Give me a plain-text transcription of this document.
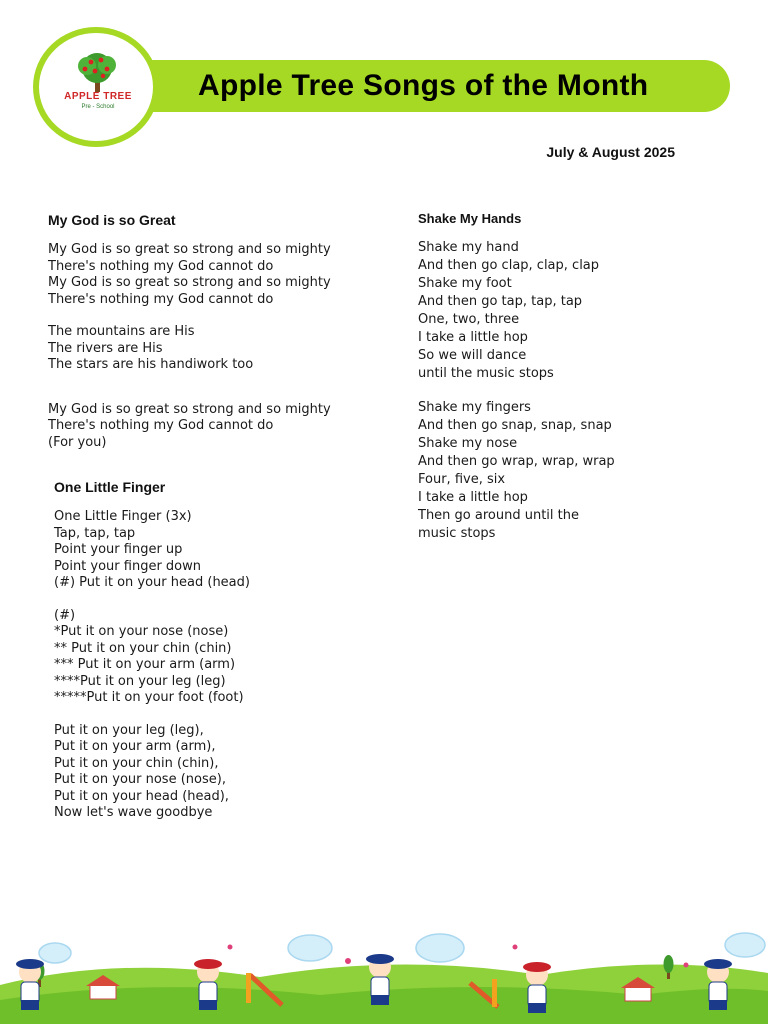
Apple Tree Songs of the Month
APPLE TREE
Pre - School
July & August 2025
My God is so Great
My God is so great so strong and so mighty
There's nothing my God cannot do
My God is so great so strong and so mighty
There's nothing my God cannot do
The mountains are His
The rivers are His
The stars are his handiwork too
My God is so great so strong and so mighty
There's nothing my God cannot do
(For you)
One Little Finger
One Little Finger (3x)
Tap, tap, tap
Point your finger up
Point your finger down
(#) Put it on your head (head)
(#)
*Put it on your nose (nose)
** Put it on your chin (chin)
*** Put it on your arm (arm)
****Put it on your leg (leg)
*****Put it on your foot (foot)
Put it on your leg (leg),
Put it on your arm (arm),
Put it on your chin (chin),
Put it on your nose (nose),
Put it on your head (head),
Now let's wave goodbye
Shake My Hands
Shake my hand
And then go clap, clap, clap
Shake my foot
And then go tap, tap, tap
One, two, three
I take a little hop
So we will dance
until the music stops
Shake my fingers
And then go snap, snap, snap
Shake my nose
And then go wrap, wrap, wrap
Four, five, six
I take a little hop
Then go around until the
music stops
